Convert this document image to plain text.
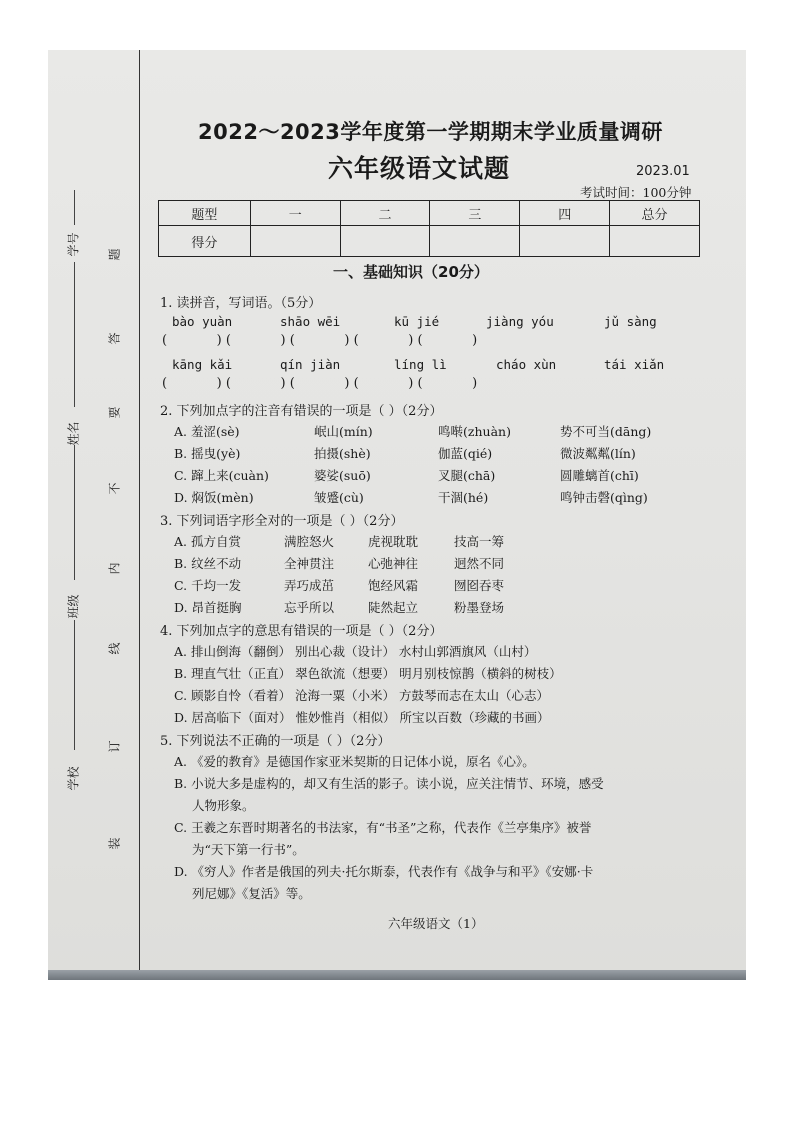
装
订
线
内
不
要
答
题
学校
班级
姓名
学号
2022～2023学年度第一学期期末学业质量调研
六年级语文试题	2023.01
考试时间：100分钟
题型	一	二	三	四	总分
得分					
一、基础知识（20分）
1. 读拼音，写词语。（5分）
bào yuàn	shāo wēi	kū jié	jiàng yóu	jǔ sàng
(            ) (            ) (            ) (            ) (            )
kāng kǎi	qín jiàn	líng lì	cháo xùn	tái xiǎn
(            ) (            ) (            ) (            ) (            )
2. 下列加点字的注音有错误的一项是（ ）（2分）
A. 羞涩(sè)	岷山(mín)	鸣啭(zhuàn)	势不可当(dāng)
B. 摇曳(yè)	拍摄(shè)	伽蓝(qié)	微波粼粼(lín)
C. 蹿上来(cuàn)	婆娑(suō)	叉腿(chā)	圆雕螭首(chī)
D. 焖饭(mèn)	皱蹙(cù)	干涸(hé)	鸣钟击磬(qìng)
3. 下列词语字形全对的一项是（ ）（2分）
A. 孤方自赏	满腔怒火	虎视耽耽	技高一筹
B. 纹丝不动	全神贯注	心弛神往	迥然不同
C. 千均一发	弄巧成茁	饱经风霜	囫囵吞枣
D. 昂首挺胸	忘乎所以	陡然起立	粉墨登场
4. 下列加点字的意思有错误的一项是（ ）（2分）
A. 排山倒海（翻倒） 别出心裁（设计） 水村山郭酒旗风（山村）
B. 理直气壮（正直） 翠色欲流（想要） 明月别枝惊鹊（横斜的树枝）
C. 顾影自怜（看着） 沧海一粟（小米） 方鼓琴而志在太山（心志）
D. 居高临下（面对） 惟妙惟肖（相似） 所宝以百数（珍藏的书画）
5. 下列说法不正确的一项是（ ）（2分）
A. 《爱的教育》是德国作家亚米契斯的日记体小说，原名《心》。
B. 小说大多是虚构的，却又有生活的影子。读小说，应关注情节、环境，感受
人物形象。
C. 王羲之东晋时期著名的书法家，有“书圣”之称，代表作《兰亭集序》被誉
为“天下第一行书”。
D. 《穷人》作者是俄国的列夫·托尔斯泰，代表作有《战争与和平》《安娜·卡
列尼娜》《复活》等。
六年级语文（1）
